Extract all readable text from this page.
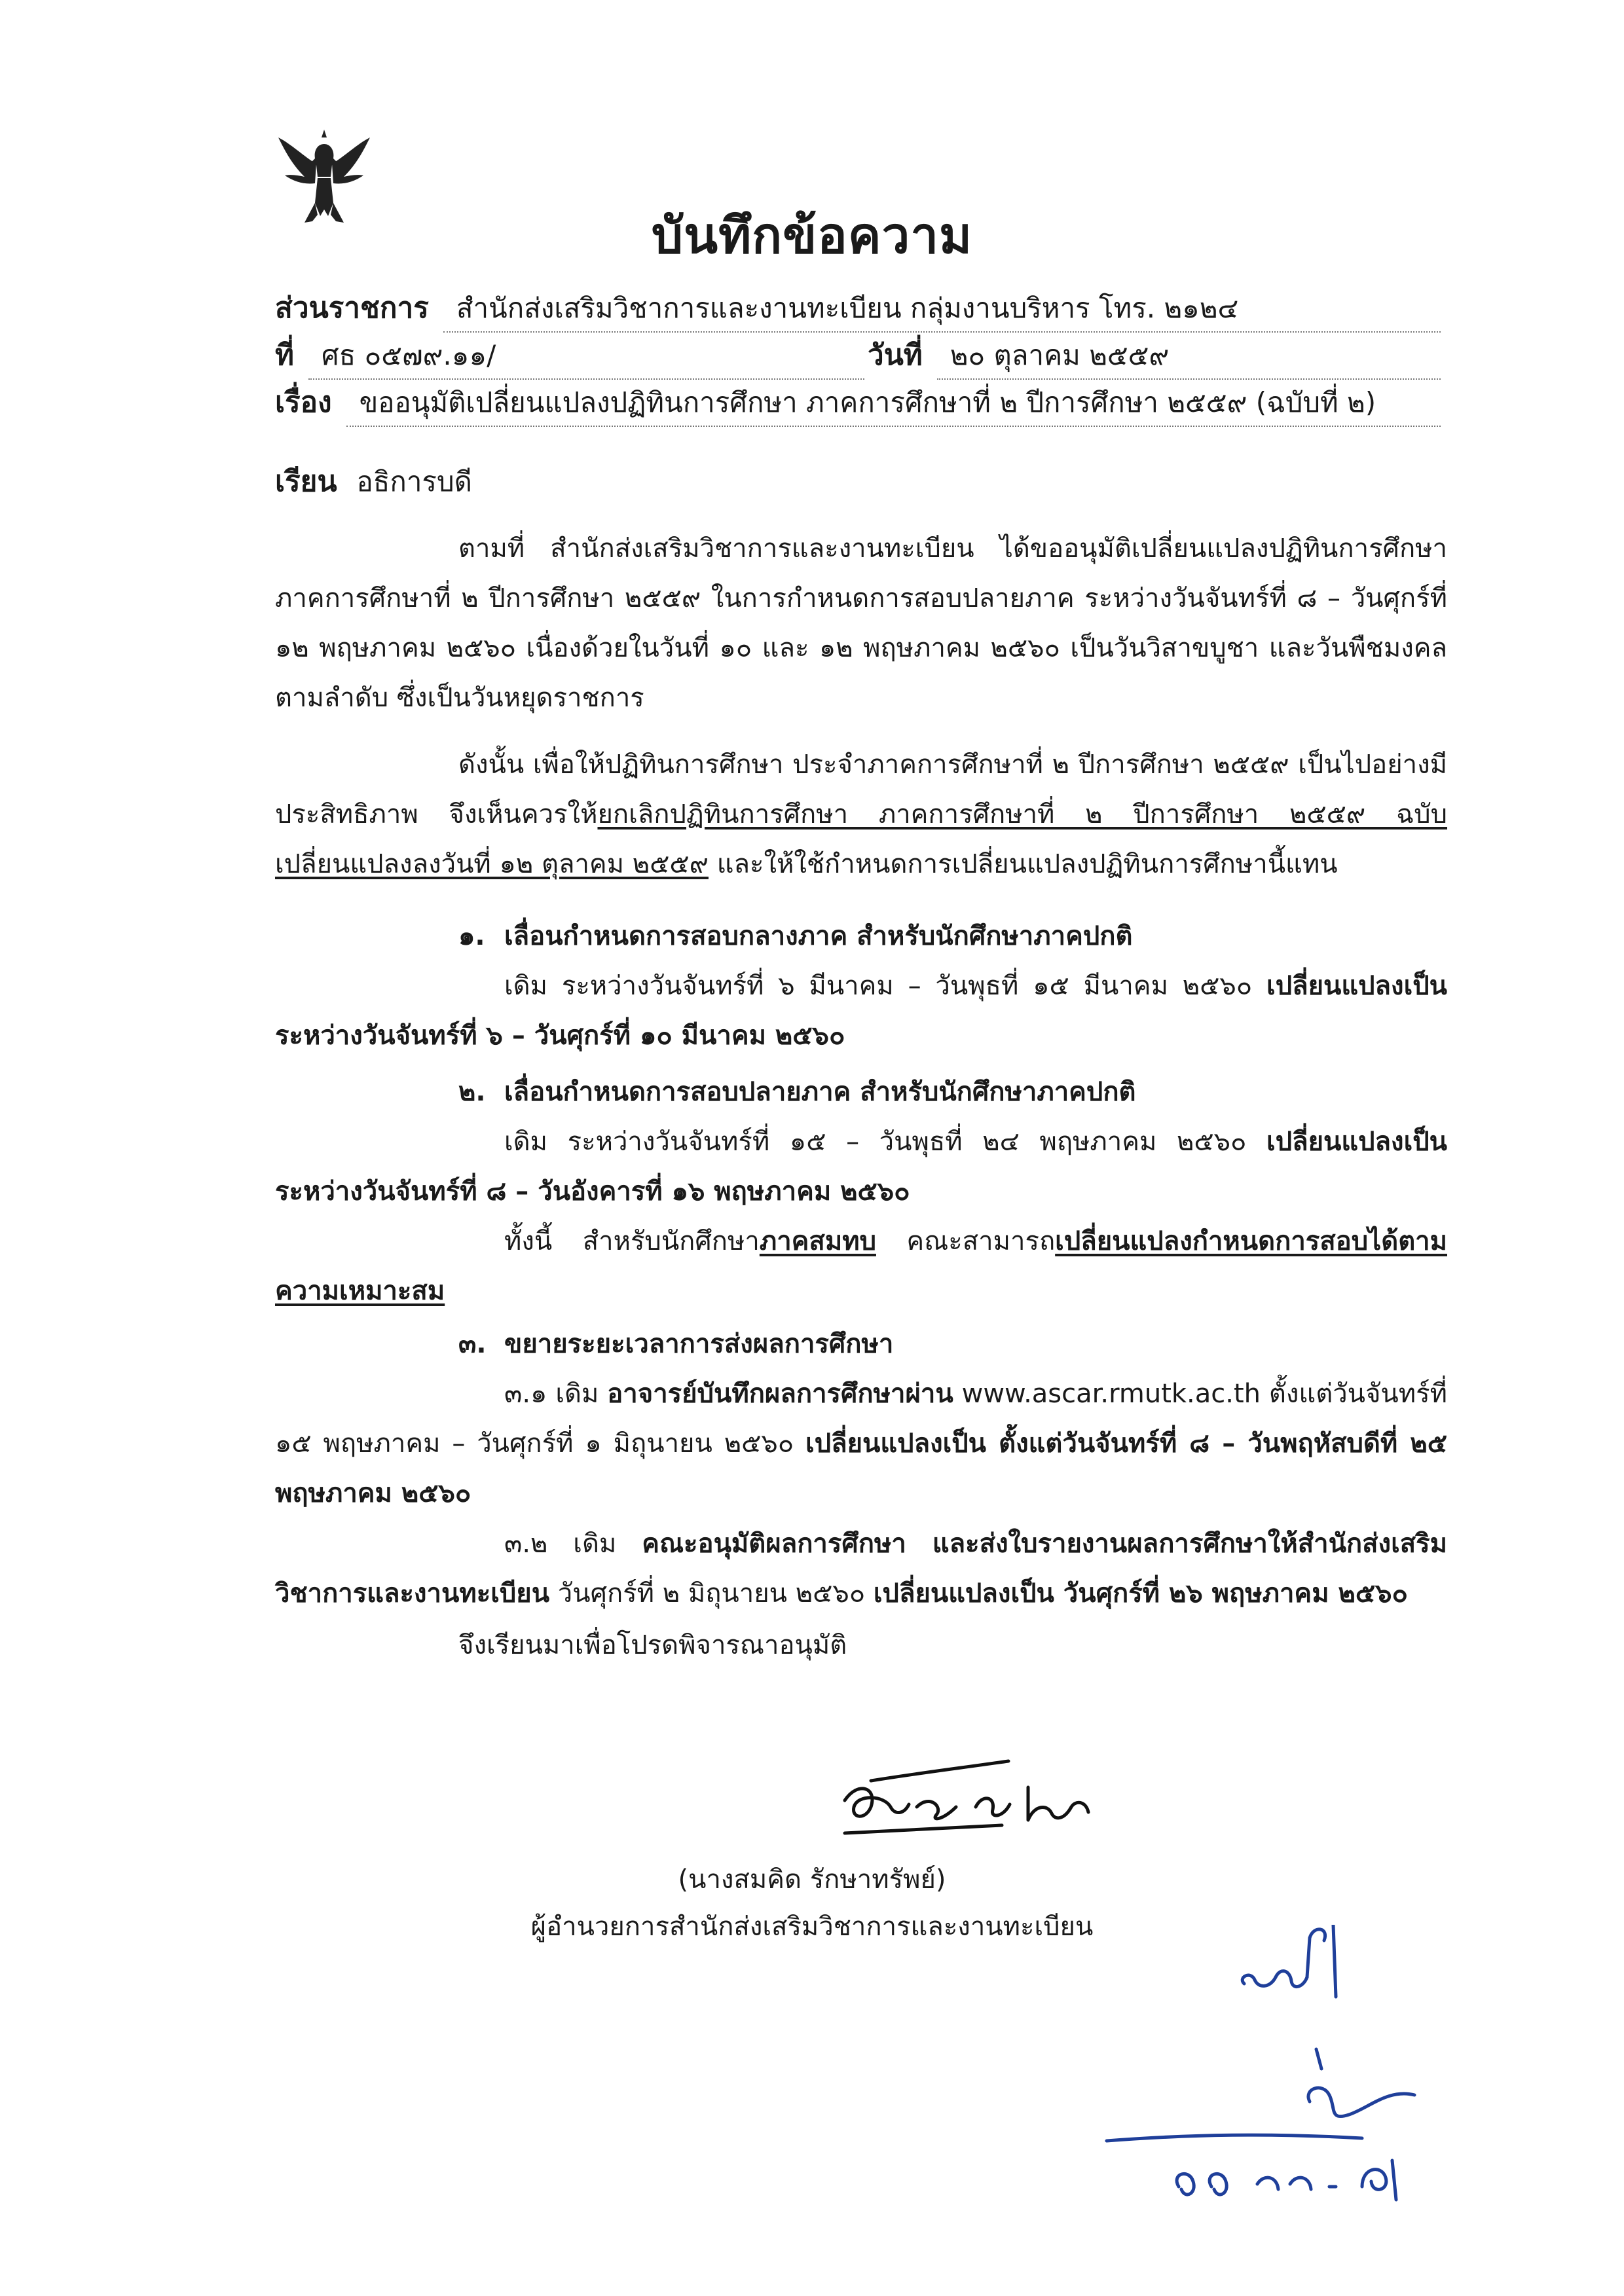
บันทึกข้อความ
ส่วนราชการ	สำนักส่งเสริมวิชาการและงานทะเบียน กลุ่มงานบริหาร โทร. ๒๑๒๔
ที่	ศธ ๐๕๗๙.๑๑/	วันที่	๒๐ ตุลาคม ๒๕๕๙
เรื่อง	ขออนุมัติเปลี่ยนแปลงปฏิทินการศึกษา ภาคการศึกษาที่ ๒ ปีการศึกษา ๒๕๕๙ (ฉบับที่ ๒)
เรียน อธิการบดี
ตามที่ สำนักส่งเสริมวิชาการและงานทะเบียน ได้ขออนุมัติเปลี่ยนแปลงปฏิทินการศึกษา ภาคการศึกษาที่ ๒ ปีการศึกษา ๒๕๕๙ ในการกำหนดการสอบปลายภาค ระหว่างวันจันทร์ที่ ๘ – วันศุกร์ที่ ๑๒ พฤษภาคม ๒๕๖๐ เนื่องด้วยในวันที่ ๑๐ และ ๑๒ พฤษภาคม ๒๕๖๐ เป็นวันวิสาขบูชา และวันพืชมงคล ตามลำดับ ซึ่งเป็นวันหยุดราชการ
ดังนั้น เพื่อให้ปฏิทินการศึกษา ประจำภาคการศึกษาที่ ๒ ปีการศึกษา ๒๕๕๙ เป็นไปอย่างมีประสิทธิภาพ จึงเห็นควรให้ยกเลิกปฏิทินการศึกษา ภาคการศึกษาที่ ๒ ปีการศึกษา ๒๕๕๙ ฉบับเปลี่ยนแปลงลงวันที่ ๑๒ ตุลาคม ๒๕๕๙ และให้ใช้กำหนดการเปลี่ยนแปลงปฏิทินการศึกษานี้แทน
๑. เลื่อนกำหนดการสอบกลางภาค สำหรับนักศึกษาภาคปกติ
เดิม ระหว่างวันจันทร์ที่ ๖ มีนาคม – วันพุธที่ ๑๕ มีนาคม ๒๕๖๐ เปลี่ยนแปลงเป็น ระหว่างวันจันทร์ที่ ๖ – วันศุกร์ที่ ๑๐ มีนาคม ๒๕๖๐
๒. เลื่อนกำหนดการสอบปลายภาค สำหรับนักศึกษาภาคปกติ
เดิม ระหว่างวันจันทร์ที่ ๑๕ – วันพุธที่ ๒๔ พฤษภาคม ๒๕๖๐ เปลี่ยนแปลงเป็น ระหว่างวันจันทร์ที่ ๘ – วันอังคารที่ ๑๖ พฤษภาคม ๒๕๖๐
ทั้งนี้ สำหรับนักศึกษาภาคสมทบ คณะสามารถเปลี่ยนแปลงกำหนดการสอบได้ตามความเหมาะสม
๓. ขยายระยะเวลาการส่งผลการศึกษา
๓.๑ เดิม อาจารย์บันทึกผลการศึกษาผ่าน www.ascar.rmutk.ac.th ตั้งแต่วันจันทร์ที่ ๑๕ พฤษภาคม – วันศุกร์ที่ ๑ มิถุนายน ๒๕๖๐ เปลี่ยนแปลงเป็น ตั้งแต่วันจันทร์ที่ ๘ – วันพฤหัสบดีที่ ๒๕ พฤษภาคม ๒๕๖๐
๓.๒ เดิม คณะอนุมัติผลการศึกษา และส่งใบรายงานผลการศึกษาให้สำนักส่งเสริมวิชาการและงานทะเบียน วันศุกร์ที่ ๒ มิถุนายน ๒๕๖๐ เปลี่ยนแปลงเป็น วันศุกร์ที่ ๒๖ พฤษภาคม ๒๕๖๐
จึงเรียนมาเพื่อโปรดพิจารณาอนุมัติ
(นางสมคิด รักษาทรัพย์)
ผู้อำนวยการสำนักส่งเสริมวิชาการและงานทะเบียน
